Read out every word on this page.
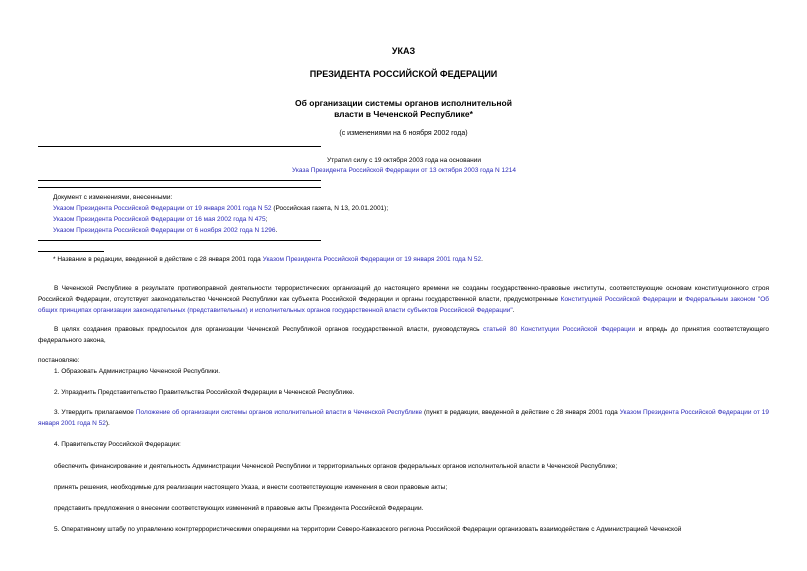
УКАЗ
ПРЕЗИДЕНТА РОССИЙСКОЙ ФЕДЕРАЦИИ
Об организации системы органов исполнительной
власти в Чеченской Республике*
(с изменениями на 6 ноября 2002 года)
Утратил силу с 19 октября 2003 года на основании
Указа Президента Российской Федерации от 13 октября 2003 года N 1214
Документ с изменениями, внесенными:
Указом Президента Российской Федерации от 19 января 2001 года N 52 (Российская газета, N 13, 20.01.2001);
Указом Президента Российской Федерации от 16 мая 2002 года N 475;
Указом Президента Российской Федерации от 6 ноября 2002 года N 1296.
* Название в редакции, введенной в действие с 28 января 2001 года Указом Президента Российской Федерации от 19 января 2001 года N 52.
В Чеченской Республике в результате противоправной деятельности террористических организаций до настоящего времени не созданы государственно-правовые институты, соответствующие основам конституционного строя Российской Федерации, отсутствует законодательство Чеченской Республики как субъекта Российской Федерации и органы государственной власти, предусмотренные Конституцией Российской Федерации и Федеральным законом "Об общих принципах организации законодательных (представительных) и исполнительных органов государственной власти субъектов Российской Федерации".
В целях создания правовых предпосылок для организации Чеченской Республикой органов государственной власти, руководствуясь статьей 80 Конституции Российской Федерации и впредь до принятия соответствующего федерального закона,
постановляю:
1. Образовать Администрацию Чеченской Республики.
2. Упразднить Представительство Правительства Российской Федерации в Чеченской Республике.
3. Утвердить прилагаемое Положение об организации системы органов исполнительной власти в Чеченской Республике (пункт в редакции, введенной в действие с 28 января 2001 года Указом Президента Российской Федерации от 19 января 2001 года N 52).
4. Правительству Российской Федерации:
обеспечить финансирование и деятельность Администрации Чеченской Республики и территориальных органов федеральных органов исполнительной власти в Чеченской Республике;
принять решения, необходимые для реализации настоящего Указа, и внести соответствующие изменения в свои правовые акты;
представить предложения о внесении соответствующих изменений в правовые акты Президента Российской Федерации.
5. Оперативному штабу по управлению контртеррористическими операциями на территории Северо-Кавказского региона Российской Федерации организовать взаимодействие с Администрацией Чеченской
